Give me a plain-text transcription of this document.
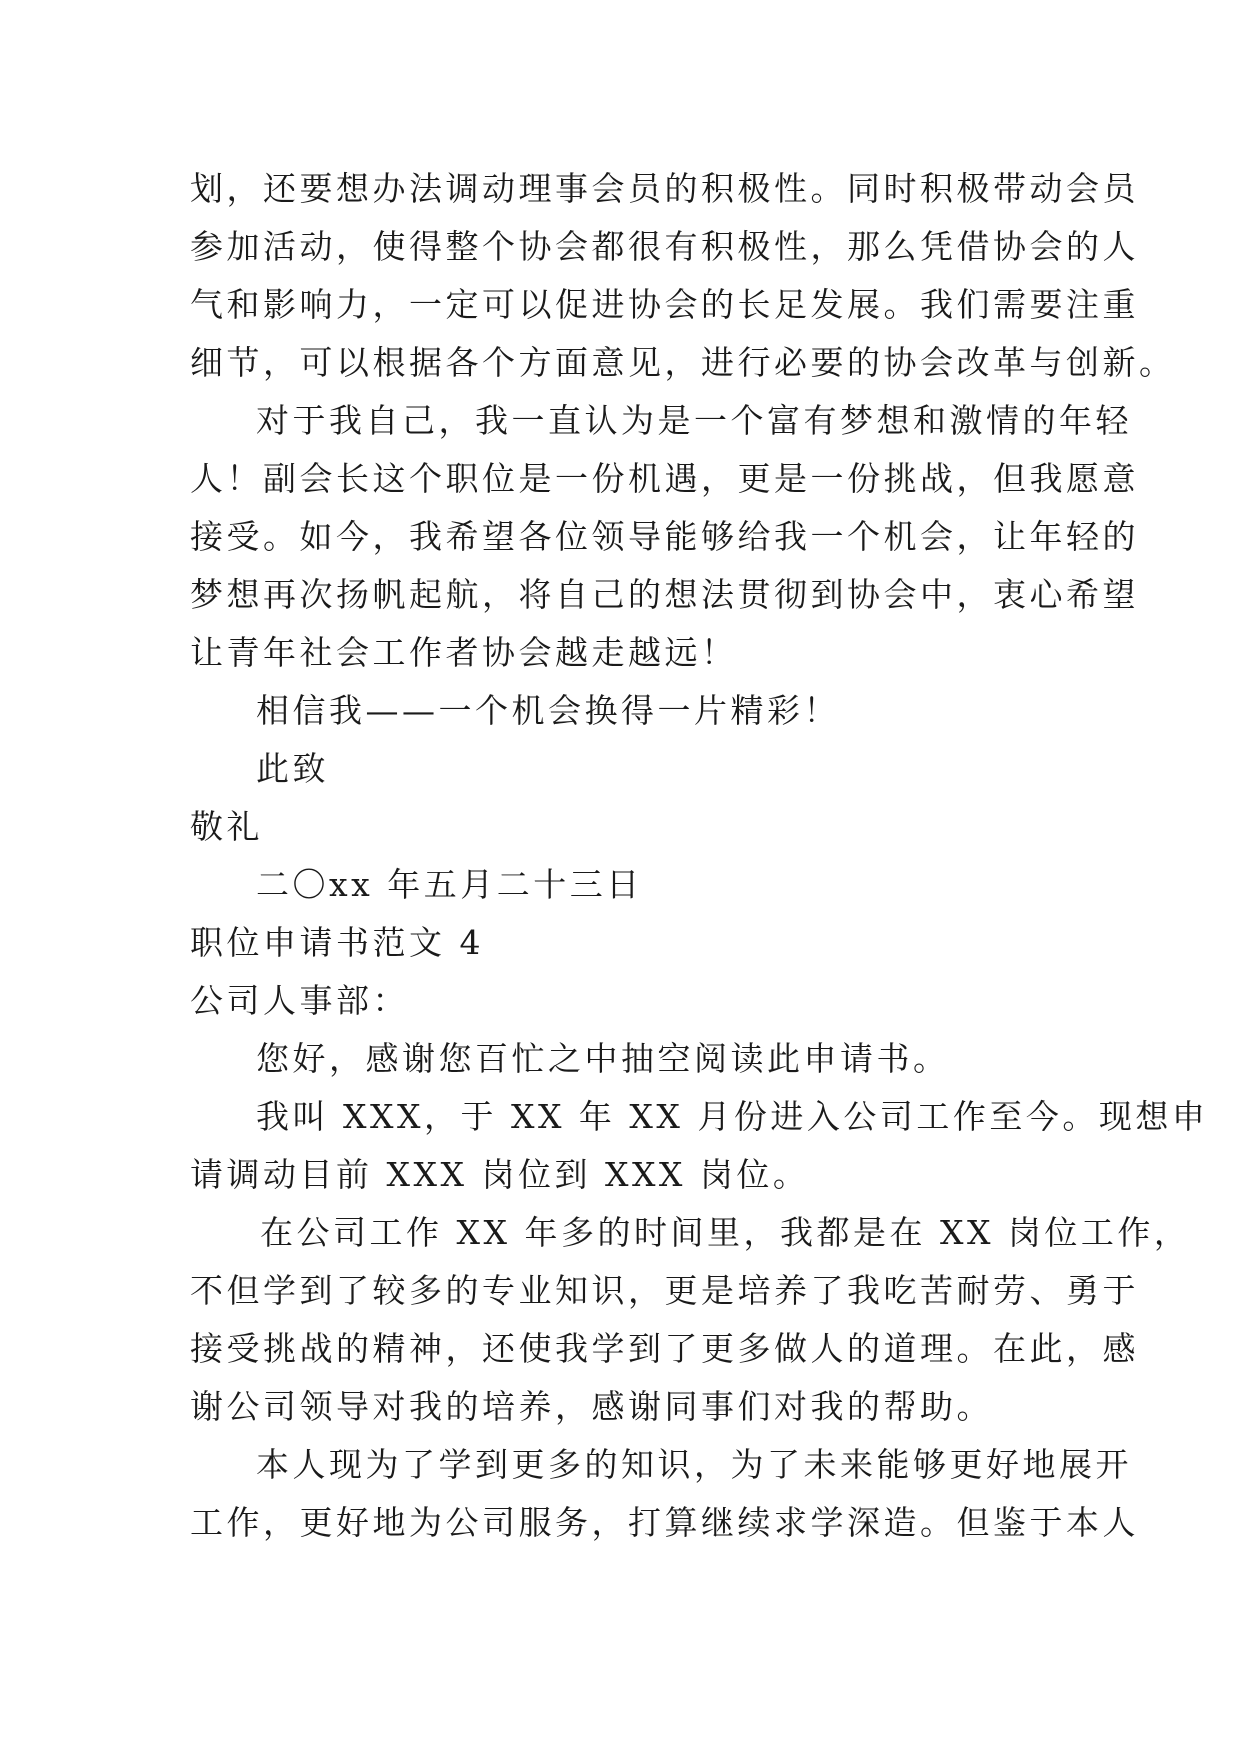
划，还要想办法调动理事会员的积极性。同时积极带动会员
参加活动，使得整个协会都很有积极性，那么凭借协会的人
气和影响力，一定可以促进协会的长足发展。我们需要注重
细节，可以根据各个方面意见，进行必要的协会改革与创新。
对于我自己，我一直认为是一个富有梦想和激情的年轻
人！副会长这个职位是一份机遇，更是一份挑战，但我愿意
接受。如今，我希望各位领导能够给我一个机会，让年轻的
梦想再次扬帆起航，将自己的想法贯彻到协会中，衷心希望
让青年社会工作者协会越走越远！
相信我——一个机会换得一片精彩！
此致
敬礼
二〇xx 年五月二十三日
职位申请书范文 4
公司人事部：
您好，感谢您百忙之中抽空阅读此申请书。
我叫 XXX，于 XX 年 XX 月份进入公司工作至今。现想申
请调动目前 XXX 岗位到 XXX 岗位。
在公司工作 XX 年多的时间里，我都是在 XX 岗位工作，
不但学到了较多的专业知识，更是培养了我吃苦耐劳、勇于
接受挑战的精神，还使我学到了更多做人的道理。在此，感
谢公司领导对我的培养，感谢同事们对我的帮助。
本人现为了学到更多的知识，为了未来能够更好地展开
工作，更好地为公司服务，打算继续求学深造。但鉴于本人
